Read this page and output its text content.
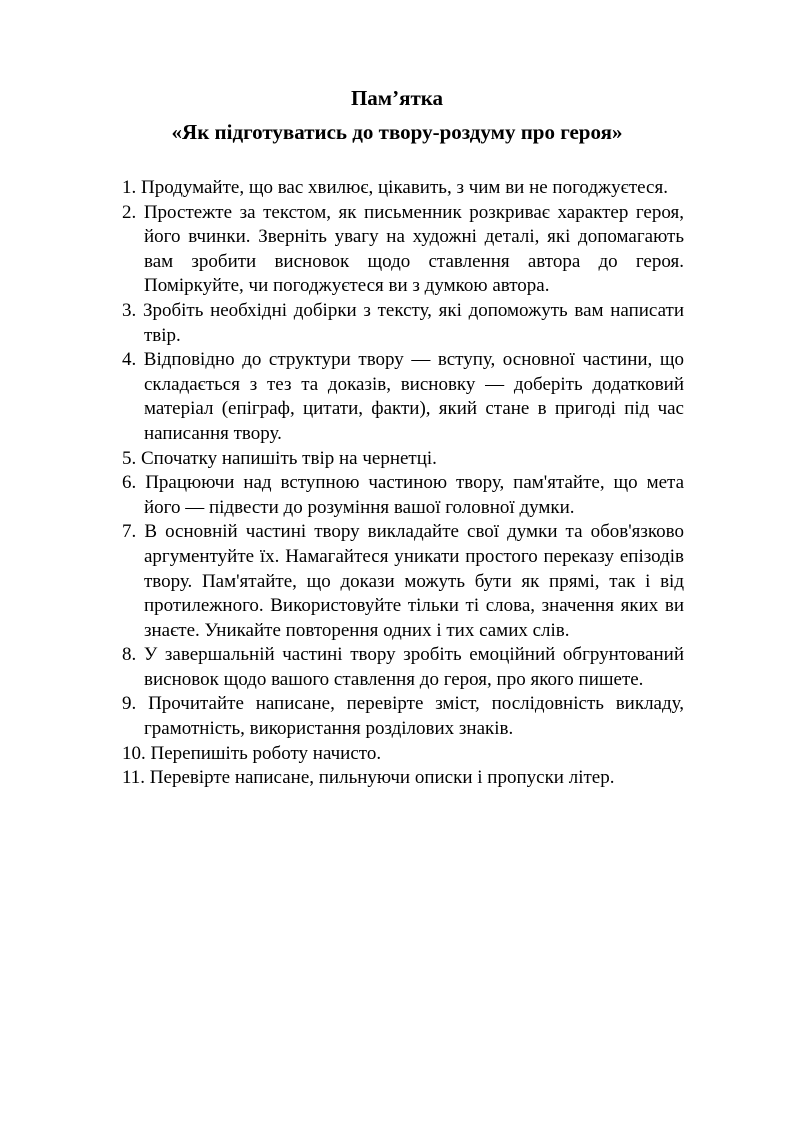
Пам’ятка
«Як підготуватись до твору-роздуму про героя»
1. Продумайте, що вас хвилює, цікавить, з чим ви не погоджуєтеся.
2. Простежте за текстом, як письменник розкриває характер героя, його вчинки. Зверніть увагу на художні деталі, які допомагають вам зробити висновок щодо ставлення автора до героя. Поміркуйте, чи погоджуєтеся ви з думкою автора.
3. Зробіть необхідні добірки з тексту, які допоможуть вам написати твір.
4. Відповідно до структури твору — вступу, основної частини, що складається з тез та доказів, висновку — доберіть додатковий матеріал (епіграф, цитати, факти), який стане в пригоді під час написання твору.
5. Спочатку напишіть твір на чернетці.
6. Працюючи над вступною частиною твору, пам'ятайте, що мета його — підвести до розуміння вашої головної думки.
7. В основній частині твору викладайте свої думки та обов'язково аргументуйте їх. Намагайтеся уникати простого переказу епізодів твору. Пам'ятайте, що докази можуть бути як прямі, так і від протилежного. Використовуйте тільки ті слова, значення яких ви знаєте. Уникайте повторення одних і тих самих слів.
8. У завершальній частині твору зробіть емоційний обгрунтований висновок щодо вашого ставлення до героя, про якого пишете.
9. Прочитайте написане, перевірте зміст, послідовність викладу, грамотність, використання розділових знаків.
10. Перепишіть роботу начисто.
11. Перевірте написане, пильнуючи описки і пропуски літер.
